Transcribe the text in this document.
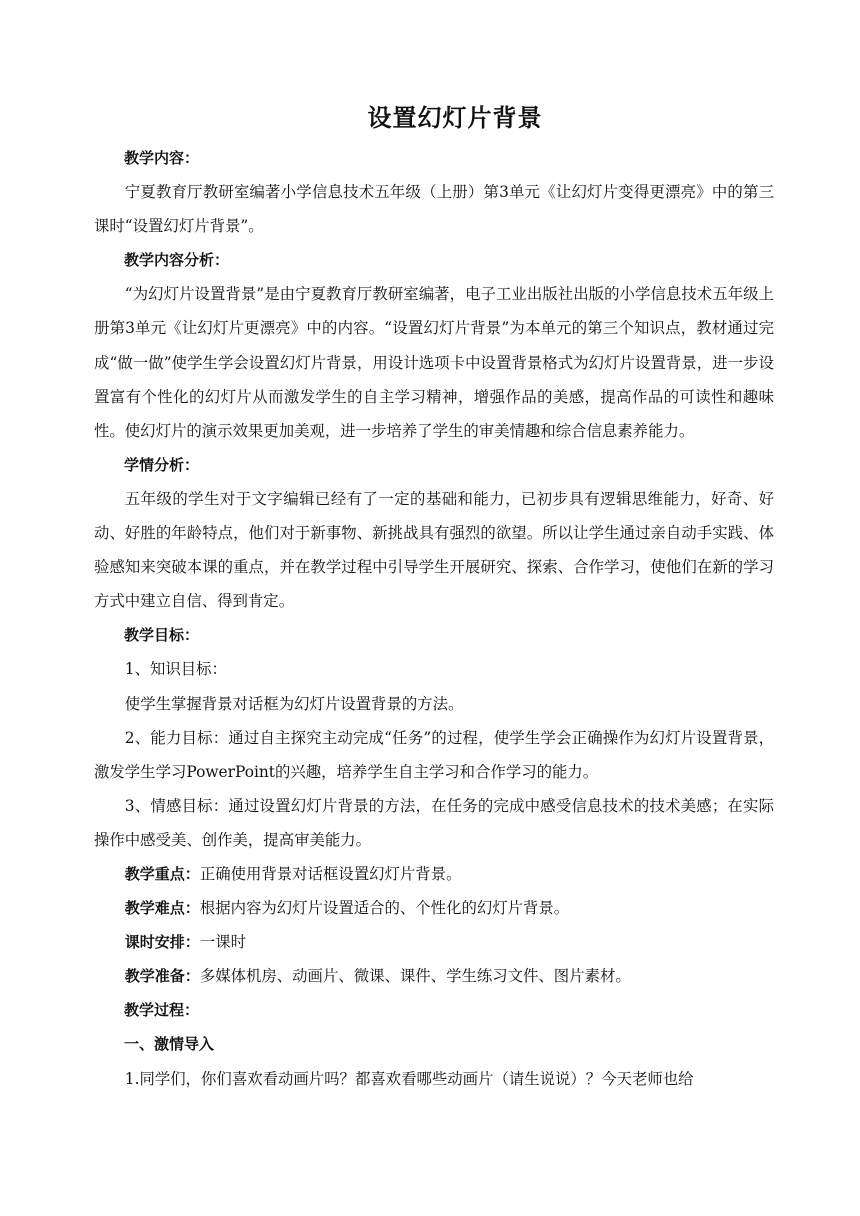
设置幻灯片背景

教学内容：

宁夏教育厅教研室编著小学信息技术五年级（上册）第3单元《让幻灯片变得更漂亮》中的第三课时“设置幻灯片背景”。

教学内容分析：

“为幻灯片设置背景”是由宁夏教育厅教研室编著，电子工业出版社出版的小学信息技术五年级上册第3单元《让幻灯片更漂亮》中的内容。“设置幻灯片背景”为本单元的第三个知识点，教材通过完成“做一做”使学生学会设置幻灯片背景，用设计选项卡中设置背景格式为幻灯片设置背景，进一步设置富有个性化的幻灯片从而激发学生的自主学习精神，增强作品的美感，提高作品的可读性和趣味性。使幻灯片的演示效果更加美观，进一步培养了学生的审美情趣和综合信息素养能力。

学情分析：

五年级的学生对于文字编辑已经有了一定的基础和能力，已初步具有逻辑思维能力，好奇、好动、好胜的年龄特点，他们对于新事物、新挑战具有强烈的欲望。所以让学生通过亲自动手实践、体验感知来突破本课的重点，并在教学过程中引导学生开展研究、探索、合作学习，使他们在新的学习方式中建立自信、得到肯定。

教学目标：

1、知识目标：

使学生掌握背景对话框为幻灯片设置背景的方法。

2、能力目标：通过自主探究主动完成“任务”的过程，使学生学会正确操作为幻灯片设置背景，激发学生学习PowerPoint的兴趣，培养学生自主学习和合作学习的能力。

3、情感目标：通过设置幻灯片背景的方法，在任务的完成中感受信息技术的技术美感；在实际操作中感受美、创作美，提高审美能力。

教学重点：正确使用背景对话框设置幻灯片背景。

教学难点：根据内容为幻灯片设置适合的、个性化的幻灯片背景。

课时安排：一课时

教学准备：多媒体机房、动画片、微课、课件、学生练习文件、图片素材。

教学过程：

一、激情导入

1.同学们，你们喜欢看动画片吗？都喜欢看哪些动画片（请生说说）？今天老师也给
